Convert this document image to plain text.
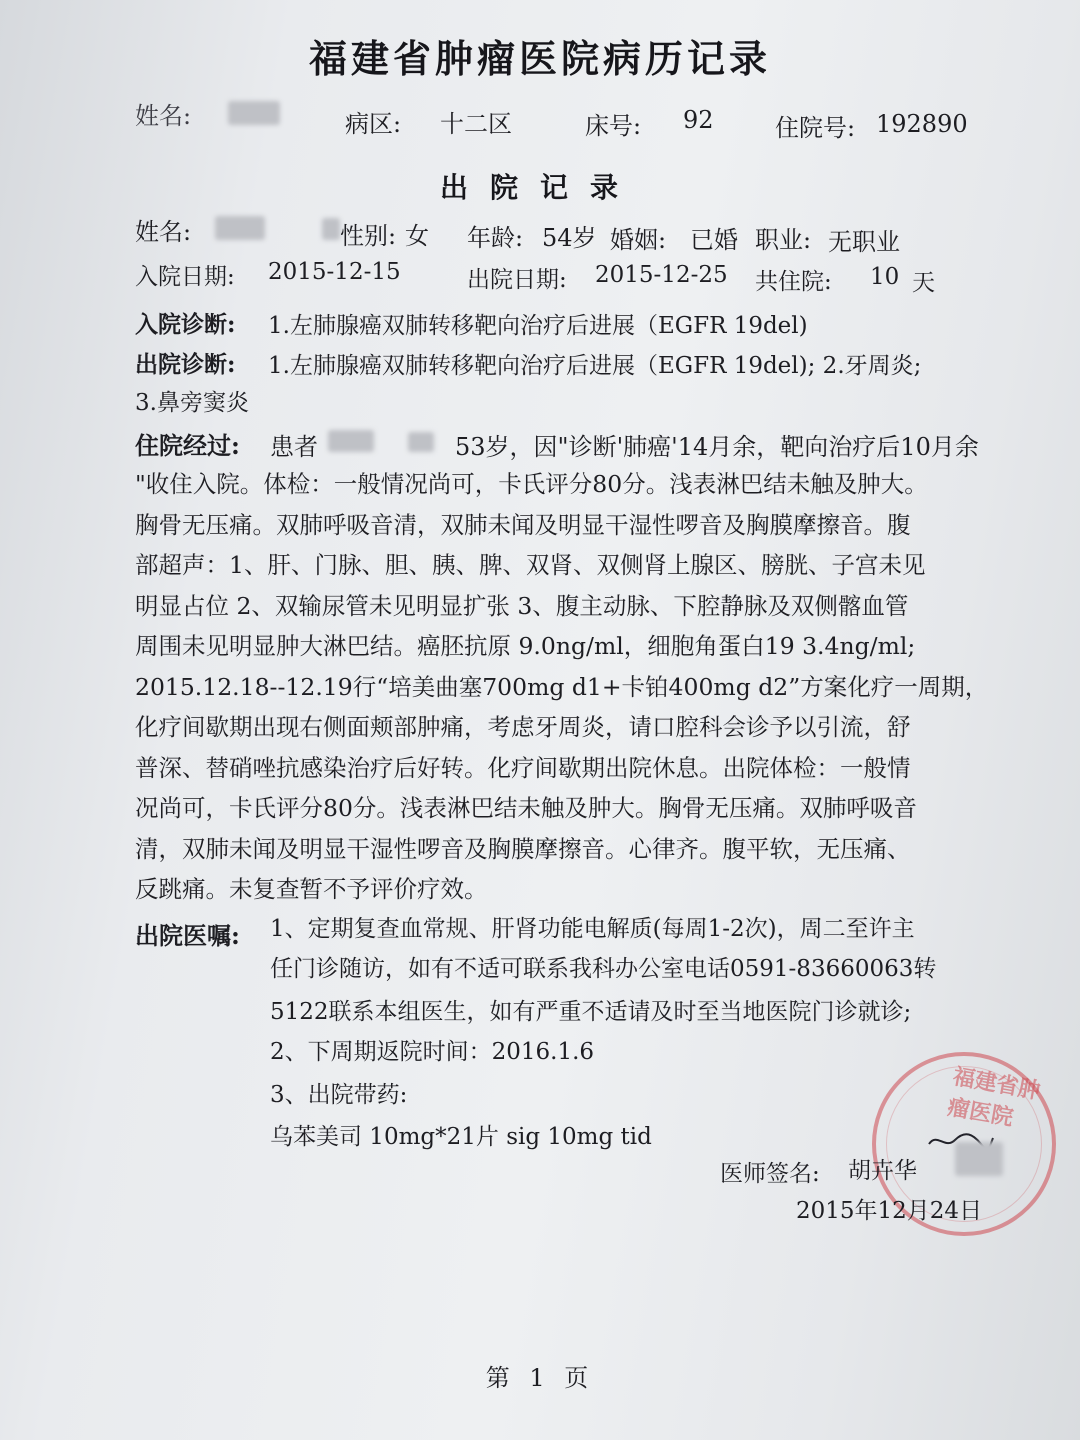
福建省肿瘤医院病历记录
姓名:	病区: 十二区	床号: 92	住院号: 192890
出院记录
姓名:	性别: 女 年龄: 54岁 婚姻: 已婚 职业: 无职业
入院日期: 2015-12-15	出院日期: 2015-12-25 共住院: 10 天
入院诊断: 1.左肺腺癌双肺转移靶向治疗后进展（EGFR 19del)
出院诊断: 1.左肺腺癌双肺转移靶向治疗后进展（EGFR 19del); 2.牙周炎;
3.鼻旁窦炎
住院经过: 患者	53岁，因"诊断'肺癌'14月余，靶向治疗后10月余
"收住入院。体检：一般情况尚可，卡氏评分80分。浅表淋巴结未触及肿大。
胸骨无压痛。双肺呼吸音清，双肺未闻及明显干湿性啰音及胸膜摩擦音。腹
部超声：1、肝、门脉、胆、胰、脾、双肾、双侧肾上腺区、膀胱、子宫未见
明显占位 2、双输尿管未见明显扩张 3、腹主动脉、下腔静脉及双侧髂血管
周围未见明显肿大淋巴结。癌胚抗原 9.0ng/ml，细胞角蛋白19 3.4ng/ml;
2015.12.18--12.19行“培美曲塞700mg d1+卡铂400mg d2”方案化疗一周期，
化疗间歇期出现右侧面颊部肿痛，考虑牙周炎，请口腔科会诊予以引流，舒
普深、替硝唑抗感染治疗后好转。化疗间歇期出院休息。出院体检：一般情
况尚可，卡氏评分80分。浅表淋巴结未触及肿大。胸骨无压痛。双肺呼吸音
清，双肺未闻及明显干湿性啰音及胸膜摩擦音。心律齐。腹平软，无压痛、
反跳痛。未复查暂不予评价疗效。
出院医嘱: 1、定期复查血常规、肝肾功能电解质(每周1-2次)，周二至许主
任门诊随访，如有不适可联系我科办公室电话0591-83660063转
5122联系本组医生，如有严重不适请及时至当地医院门诊就诊;
2、下周期返院时间：2016.1.6
3、出院带药:
乌苯美司 10mg*21片 sig 10mg tid
福建省肿瘤医院
医师签名: 胡卉华
2015年12月24日
第 1 页
